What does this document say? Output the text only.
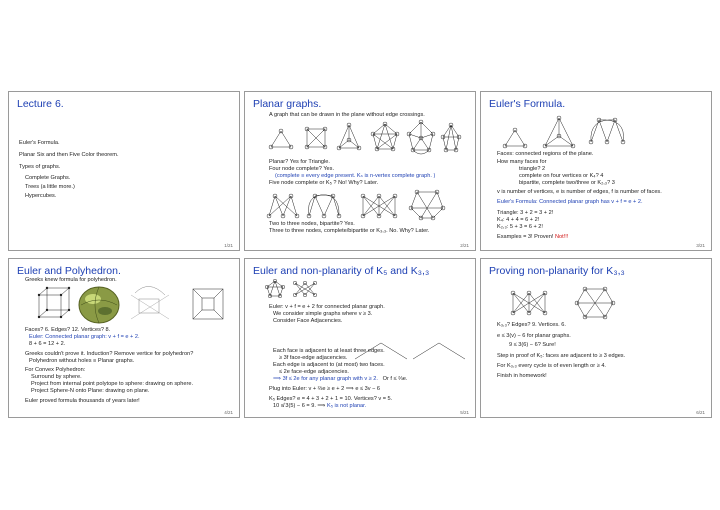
Lecture 6.
Euler's Formula.
Planar Six and then Five Color theorem.
Types of graphs.
Complete Graphs.
Trees (a little more.)
Hypercubes.
1/21
Planar graphs.
A graph that can be drawn in the plane without edge crossings.
Planar? Yes for Triangle.
Four node complete? Yes.
(complete ≡ every edge present. Kₙ is n-vertex complete graph. )
Five node complete or K₅ ? No! Why? Later.
Two to three nodes, bipartite? Yes.
Three to three nodes, complete/bipartite or K₃,₃. No. Why? Later.
2/21
Euler's Formula.
Faces: connected regions of the plane.
How many faces for
triangle? 2
complete on four vertices or K₄? 4
bipartite, complete two/three or K₂,₃? 3
v is number of vertices, e is number of edges, f is number of faces.
Euler's Formula: Connected planar graph has v + f = e + 2.
Triangle: 3 + 2 = 3 + 2!
K₄: 4 + 4 = 6 + 2!
K₂,₃: 5 + 3 = 6 + 2!
Examples = 3! Proven! Not!!!
3/21
Euler and Polyhedron.
Greeks knew formula for polyhedron.
Faces? 6. Edges? 12. Vertices? 8.
Euler: Connected planar graph: v + f = e + 2.
8 + 6 = 12 + 2.
Greeks couldn't prove it. Induction? Remove vertice for polyhedron?
Polyhedron without holes ≡ Planar graphs.
For Convex Polyhedron:
Surround by sphere.
Project from internal point polytope to sphere: drawing on sphere.
Project Sphere-N onto Plane: drawing on plane.
Euler proved formula thousands of years later!
4/21
Euler and non-planarity of K₅ and K₃,₃
Euler: v + f = e + 2 for connected planar graph.
We consider simple graphs where v ≥ 3.
Consider Face Adjacencies.
Each face is adjacent to at least three edges.
≥ 3f face-edge adjacencies.
Each edge is adjacent to (at most) two faces.
≤ 2e face-edge adjacencies.
⟹ 3f ≤ 2e for any planar graph with v ≥ 2. Or f ≤ ⅔e.
Plug into Euler: v + ⅔e ≥ e + 2 ⟹ e ≤ 3v − 6
K₅ Edges? e = 4 + 3 + 2 + 1 = 10. Vertices? v = 5.
10 ≰ 3(5) − 6 = 9. ⟹ K₅ is not planar.
5/21
Proving non-planarity for K₃,₃
K₃,₃? Edges? 9. Vertices. 6.
e ≤ 3(v) − 6 for planar graphs.
9 ≤ 3(6) − 6? Sure!
Step in proof of K₅: faces are adjacent to ≥ 3 edges.
For K₃,₃ every cycle is of even length or ≥ 4.
Finish in homework!
6/21
